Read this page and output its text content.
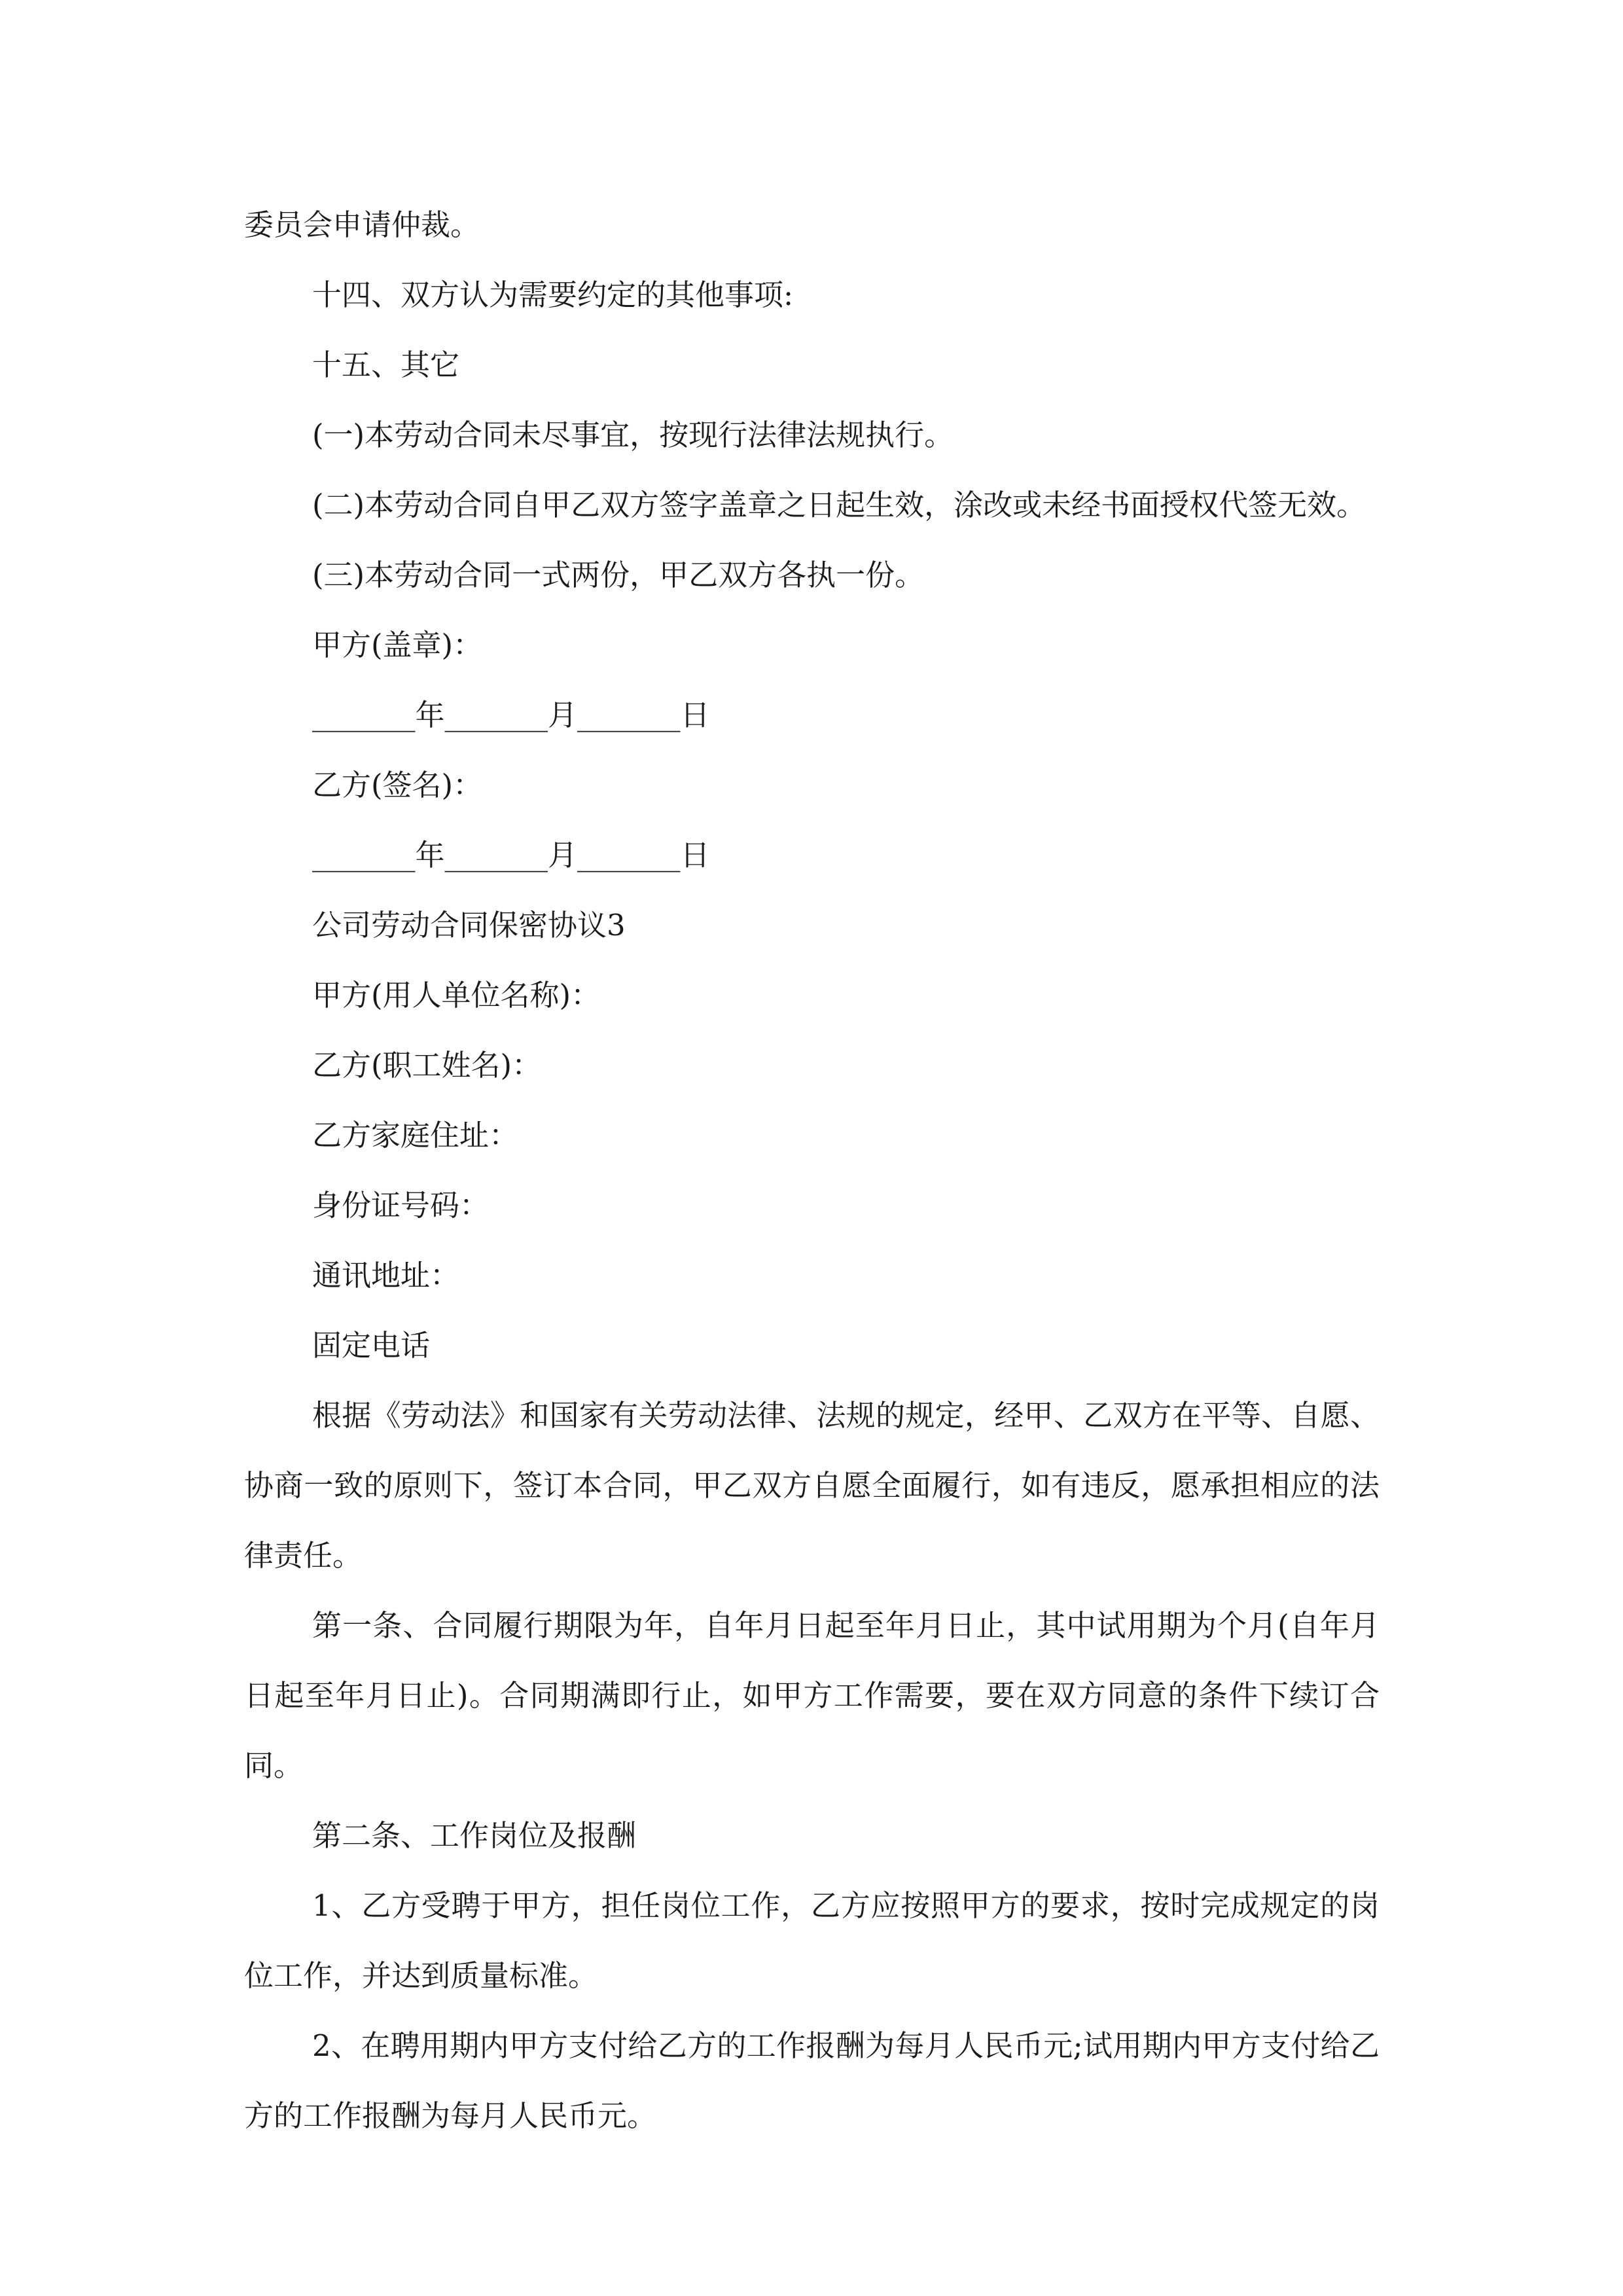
委员会申请仲裁。

十四、双方认为需要约定的其他事项:

十五、其它

(一)本劳动合同未尽事宜，按现行法律法规执行。

(二)本劳动合同自甲乙双方签字盖章之日起生效，涂改或未经书面授权代签无效。

(三)本劳动合同一式两份，甲乙双方各执一份。

甲方(盖章)：

_______年_______月_______日

乙方(签名)：

_______年_______月_______日

公司劳动合同保密协议3

甲方(用人单位名称)：

乙方(职工姓名)：

乙方家庭住址：

身份证号码：

通讯地址：

固定电话

根据《劳动法》和国家有关劳动法律、法规的规定，经甲、乙双方在平等、自愿、协商一致的原则下，签订本合同，甲乙双方自愿全面履行，如有违反，愿承担相应的法律责任。

第一条、合同履行期限为年，自年月日起至年月日止，其中试用期为个月(自年月日起至年月日止)。合同期满即行止，如甲方工作需要，要在双方同意的条件下续订合同。

第二条、工作岗位及报酬

1、乙方受聘于甲方，担任岗位工作，乙方应按照甲方的要求，按时完成规定的岗位工作，并达到质量标准。

2、在聘用期内甲方支付给乙方的工作报酬为每月人民币元;试用期内甲方支付给乙方的工作报酬为每月人民币元。
